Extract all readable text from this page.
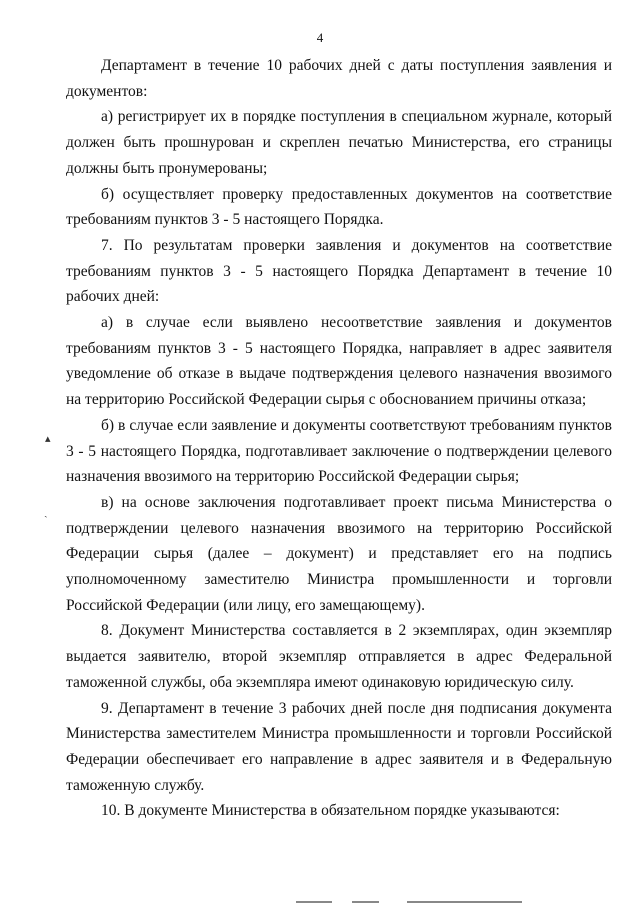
4

Департамент в течение 10 рабочих дней с даты поступления заявления и документов:

а) регистрирует их в порядке поступления в специальном журнале, который должен быть прошнурован и скреплен печатью Министерства, его страницы должны быть пронумерованы;

б) осуществляет проверку предоставленных документов на соответствие требованиям пунктов 3 - 5 настоящего Порядка.

7. По результатам проверки заявления и документов на соответствие требованиям пунктов 3 - 5 настоящего Порядка Департамент в течение 10 рабочих дней:

а) в случае если выявлено несоответствие заявления и документов требованиям пунктов 3 - 5 настоящего Порядка, направляет в адрес заявителя уведомление об отказе в выдаче подтверждения целевого назначения ввозимого на территорию Российской Федерации сырья с обоснованием причины отказа;

б) в случае если заявление и документы соответствуют требованиям пунктов 3 - 5 настоящего Порядка, подготавливает заключение о подтверждении целевого назначения ввозимого на территорию Российской Федерации сырья;

в) на основе заключения подготавливает проект письма Министерства о подтверждении целевого назначения ввозимого на территорию Российской Федерации сырья (далее – документ) и представляет его на подпись уполномоченному заместителю Министра промышленности и торговли Российской Федерации (или лицу, его замещающему).

8. Документ Министерства составляется в 2 экземплярах, один экземпляр выдается заявителю, второй экземпляр отправляется в адрес Федеральной таможенной службы, оба экземпляра имеют одинаковую юридическую силу.

9. Департамент в течение 3 рабочих дней после дня подписания документа Министерства заместителем Министра промышленности и торговли Российской Федерации обеспечивает его направление в адрес заявителя и в Федеральную таможенную службу.

10. В документе Министерства в обязательном порядке указываются:

▴
ˎ
